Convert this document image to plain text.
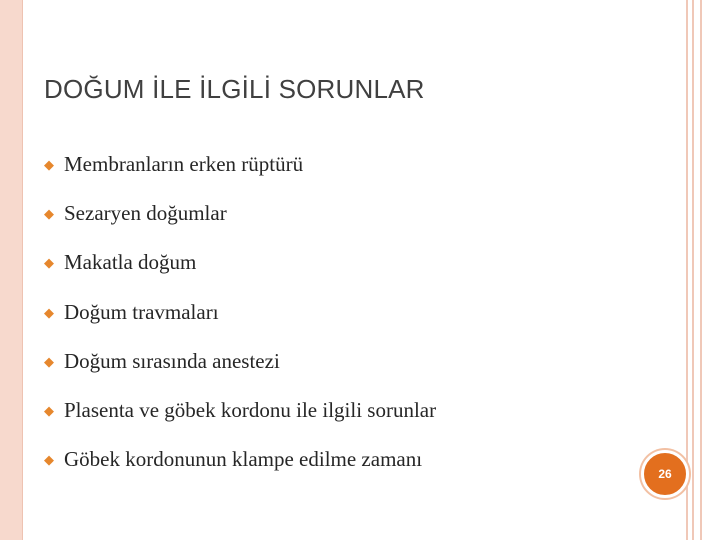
DOĞUM İLE İLGİLİ SORUNLAR
◆ Membranların erken rüptürü
◆ Sezaryen doğumlar
◆ Makatla doğum
◆ Doğum travmaları
◆ Doğum sırasında anestezi
◆ Plasenta ve göbek kordonu ile ilgili sorunlar
◆ Göbek kordonunun klampe edilme zamanı
26
